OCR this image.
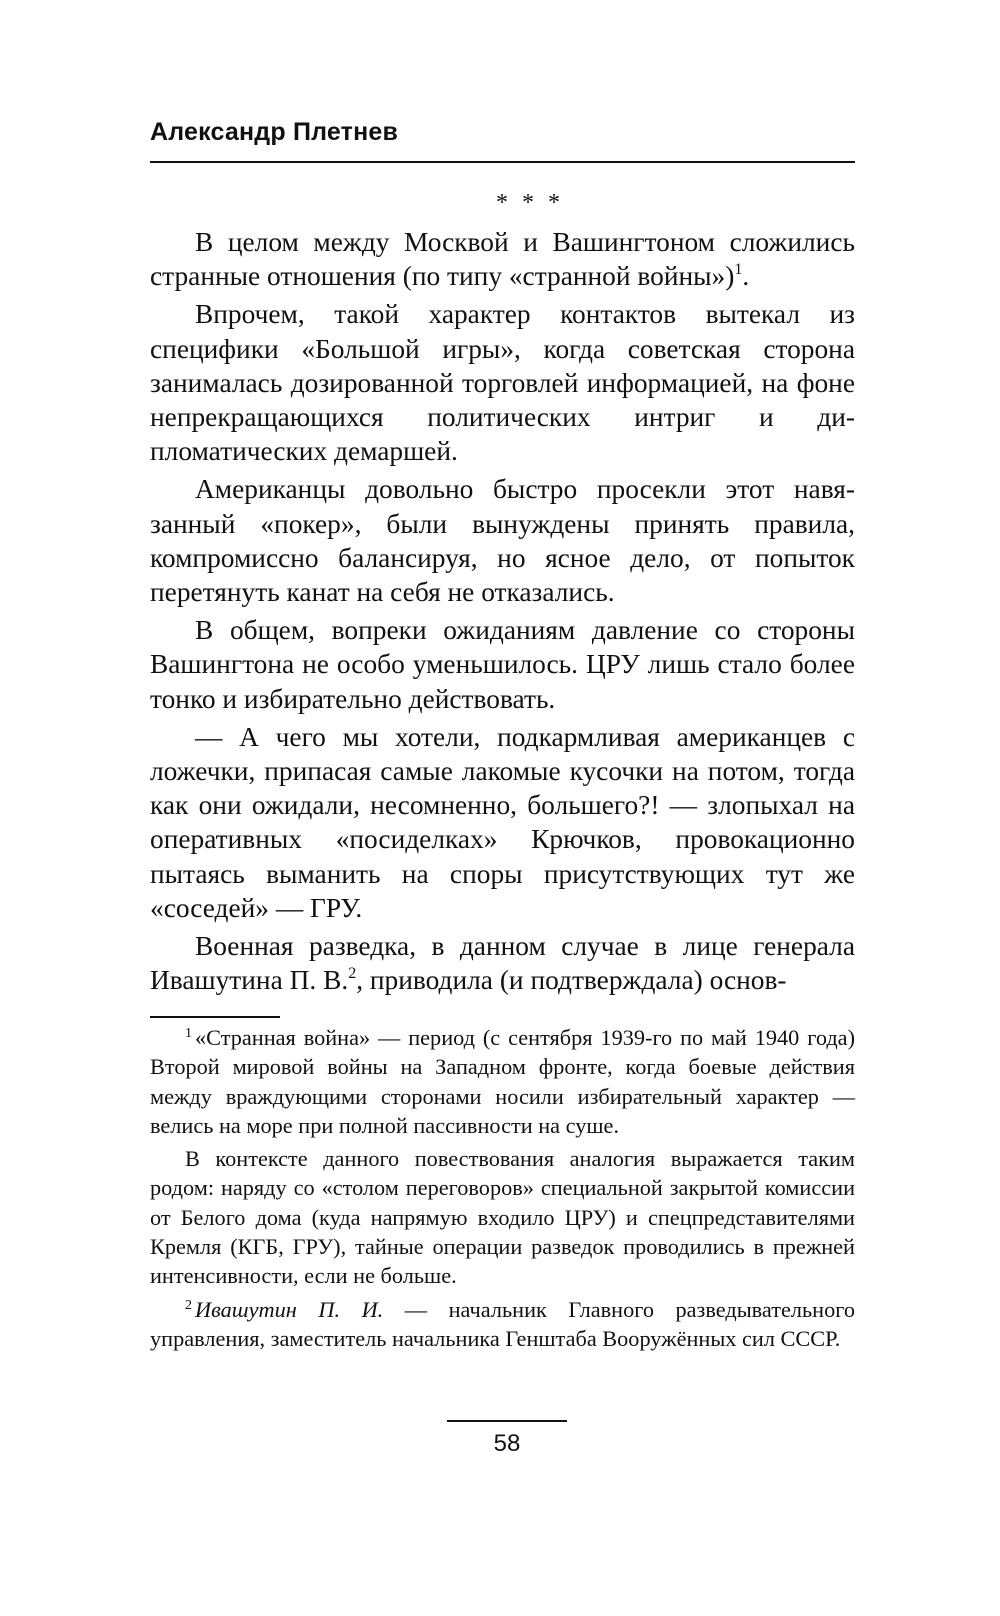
Александр Плетнев
* * *

В целом между Москвой и Вашингтоном сложились странные отношения (по типу «странной войны»)$^1$.

Впрочем, такой характер контактов вытекал из специфики «Большой игры», когда советская сторона занималась дозированной торговлей информацией, на фоне непрекращающихся политических интриг и дипломатических демаршей.

Американцы довольно быстро просекли этот навязанный «покер», были вынуждены принять правила, компромиссно балансируя, но ясное дело, от попыток перетянуть канат на себя не отказались.

В общем, вопреки ожиданиям давление со стороны Вашингтона не особо уменьшилось. ЦРУ лишь стало более тонко и избирательно действовать.

— А чего мы хотели, подкармливая американцев с ложечки, припасая самые лакомые кусочки на потом, тогда как они ожидали, несомненно, большего?! — злопыхал на оперативных «посиделках» Крючков, провокационно пытаясь выманить на споры присутствующих тут же «соседей» — ГРУ.

Военная разведка, в данном случае в лице генерала Ивашутина П. В.$^2$, приводила (и подтверждала) основ-

$^1$ «Странная война» — период (с сентября 1939-го по май 1940 года) Второй мировой войны на Западном фронте, когда боевые действия между враждующими сторонами носили избирательный характер — велись на море при полной пассивности на суше.

В контексте данного повествования аналогия выражается таким родом: наряду со «столом переговоров» специальной закрытой комиссии от Белого дома (куда напрямую входило ЦРУ) и спецпредставителями Кремля (КГБ, ГРУ), тайные операции разведок проводились в прежней интенсивности, если не больше.

$^2$ Ивашутин П. И. — начальник Главного разведывательного управления, заместитель начальника Генштаба Вооружённых сил СССР.

58
